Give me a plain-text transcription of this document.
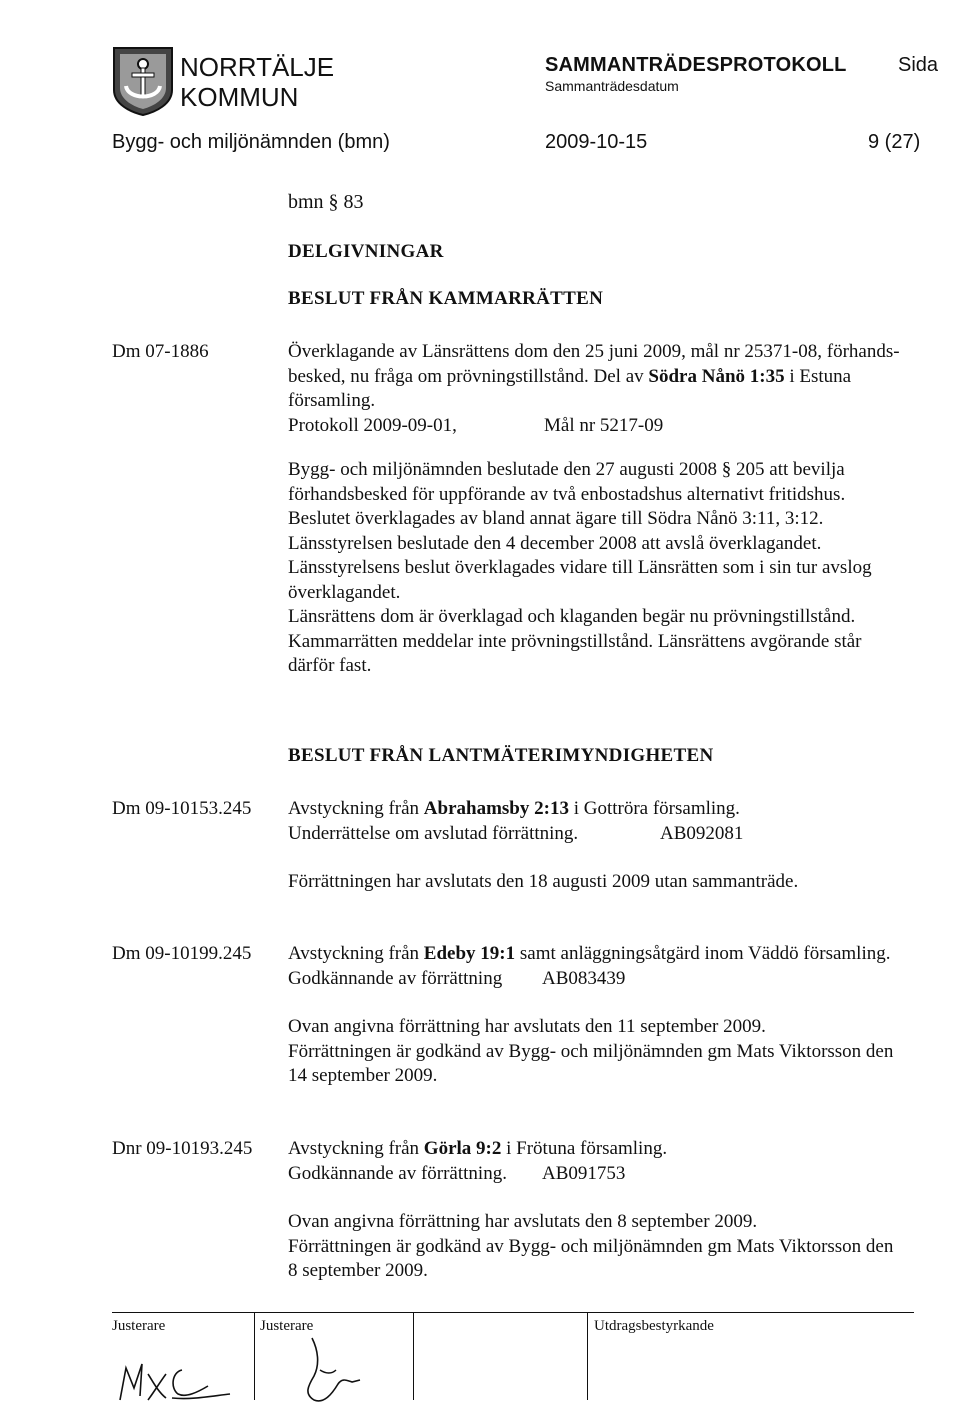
NORRTÄLJE
KOMMUN
SAMMANTRÄDESPROTOKOLL
Sammanträdesdatum
Sida
Bygg- och miljönämnden (bmn)	2009-10-15	9 (27)
bmn § 83
DELGIVNINGAR
BESLUT FRÅN KAMMARRÄTTEN
Dm 07-1886	Överklagande av Länsrättens dom den 25 juni 2009, mål nr 25371-08, förhands-
besked, nu fråga om prövningstillstånd. Del av Södra Nånö 1:35 i Estuna
församling.
Protokoll 2009-09-01,	Mål nr 5217-09
Bygg- och miljönämnden beslutade den 27 augusti 2008 § 205 att bevilja
förhandsbesked för uppförande av två enbostadshus alternativt fritidshus.
Beslutet överklagades av bland annat ägare till Södra Nånö 3:11, 3:12.
Länsstyrelsen beslutade den 4 december 2008 att avslå överklagandet.
Länsstyrelsens beslut överklagades vidare till Länsrätten som i sin tur avslog
överklagandet.
Länsrättens dom är överklagad och klaganden begär nu prövningstillstånd.
Kammarrätten meddelar inte prövningstillstånd. Länsrättens avgörande står
därför fast.
BESLUT FRÅN LANTMÄTERIMYNDIGHETEN
Dm 09-10153.245 Avstyckning från Abrahamsby 2:13 i Gottröra församling.
Underrättelse om avslutad förrättning.	AB092081
Förrättningen har avslutats den 18 augusti 2009 utan sammanträde.
Dm 09-10199.245 Avstyckning från Edeby 19:1 samt anläggningsåtgärd inom Väddö församling.
Godkännande av förrättning AB083439
Ovan angivna förrättning har avslutats den 11 september 2009.
Förrättningen är godkänd av Bygg- och miljönämnden gm Mats Viktorsson den
14 september 2009.
Dnr 09-10193.245 Avstyckning från Görla 9:2 i Frötuna församling.
Godkännande av förrättning. AB091753
Ovan angivna förrättning har avslutats den 8 september 2009.
Förrättningen är godkänd av Bygg- och miljönämnden gm Mats Viktorsson den
8 september 2009.
Justerare	Justerare	Utdragsbestyrkande
